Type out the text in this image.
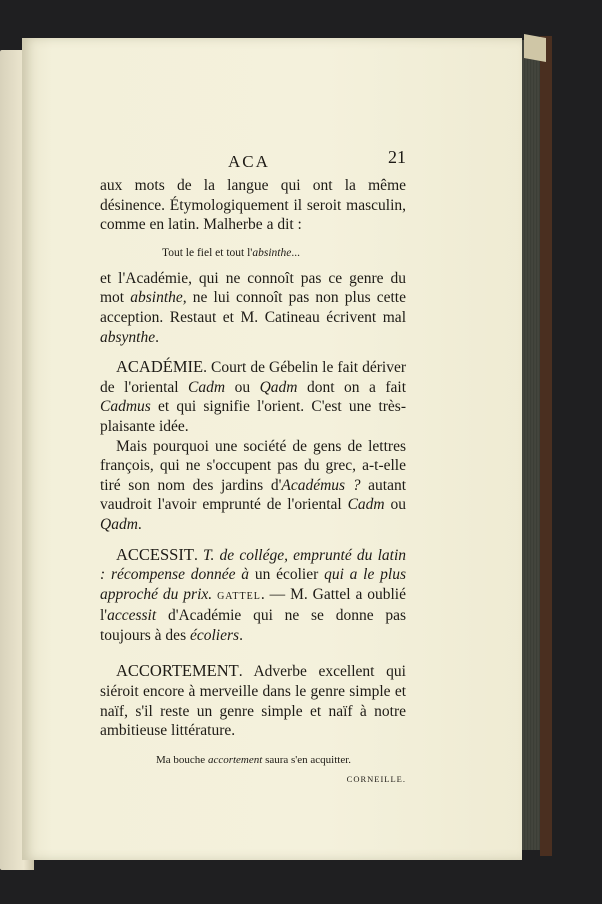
ACA	21

aux mots de la langue qui ont la même désinence. Étymologiquement il seroit masculin, comme en latin. Malherbe a dit :

Tout le fiel et tout l'absinthe...

et l'Académie, qui ne connoît pas ce genre du mot absinthe, ne lui connoît pas non plus cette acception. Restaut et M. Catineau écrivent mal absynthe.

ACADÉMIE. Court de Gébelin le fait dériver de l'oriental Cadm ou Qadm dont on a fait Cadmus et qui signifie l'orient. C'est une très-plaisante idée.

Mais pourquoi une société de gens de lettres françois, qui ne s'occupent pas du grec, a-t-elle tiré son nom des jardins d'Académus ? autant vaudroit l'avoir emprunté de l'oriental Cadm ou Qadm.

ACCESSIT. T. de collége, emprunté du latin : récompense donnée à un écolier qui a le plus approché du prix. GATTEL. — M. Gattel a oublié l'accessit d'Académie qui ne se donne pas toujours à des écoliers.

ACCORTEMENT. Adverbe excellent qui siéroit encore à merveille dans le genre simple et naïf, s'il reste un genre simple et naïf à notre ambitieuse littérature.

Ma bouche accortement saura s'en acquitter.
CORNEILLE.
